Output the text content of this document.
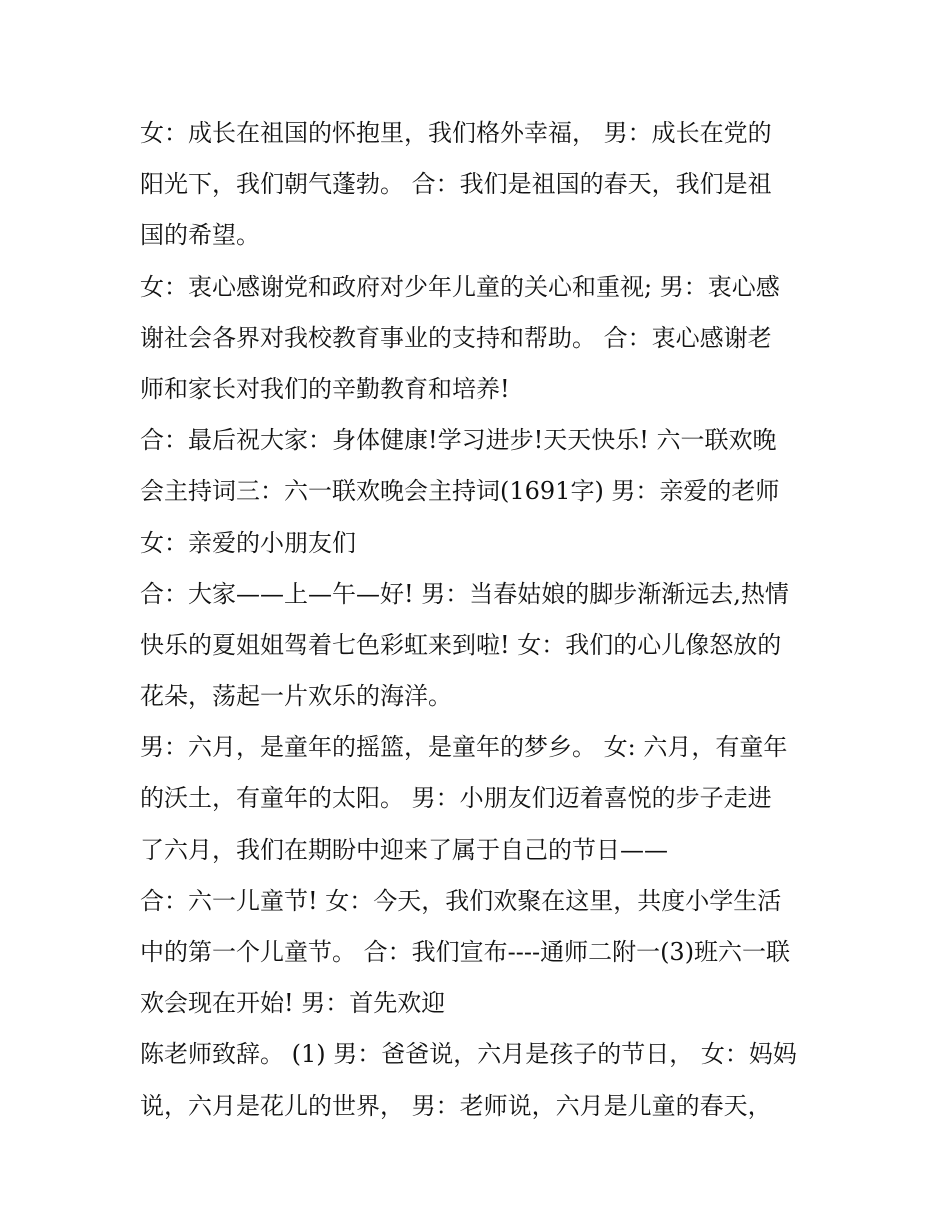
女：成长在祖国的怀抱里，我们格外幸福， 男：成长在党的

阳光下，我们朝气蓬勃。 合：我们是祖国的春天，我们是祖

国的希望。

女：衷心感谢党和政府对少年儿童的关心和重视; 男：衷心感

谢社会各界对我校教育事业的支持和帮助。 合：衷心感谢老

师和家长对我们的辛勤教育和培养!

合：最后祝大家：身体健康!学习进步!天天快乐! 六一联欢晚

会主持词三：六一联欢晚会主持词(1691字) 男：亲爱的老师

女：亲爱的小朋友们

合：大家——上—午—好! 男：当春姑娘的脚步渐渐远去,热情

快乐的夏姐姐驾着七色彩虹来到啦! 女：我们的心儿像怒放的

花朵，荡起一片欢乐的海洋。

男：六月，是童年的摇篮，是童年的梦乡。 女: 六月，有童年

的沃土，有童年的太阳。 男：小朋友们迈着喜悦的步子走进

了六月，我们在期盼中迎来了属于自己的节日——

合：六一儿童节! 女：今天，我们欢聚在这里，共度小学生活

中的第一个儿童节。 合：我们宣布----通师二附一(3)班六一联

欢会现在开始! 男：首先欢迎

陈老师致辞。 (1) 男：爸爸说，六月是孩子的节日， 女：妈妈

说，六月是花儿的世界， 男：老师说，六月是儿童的春天，
